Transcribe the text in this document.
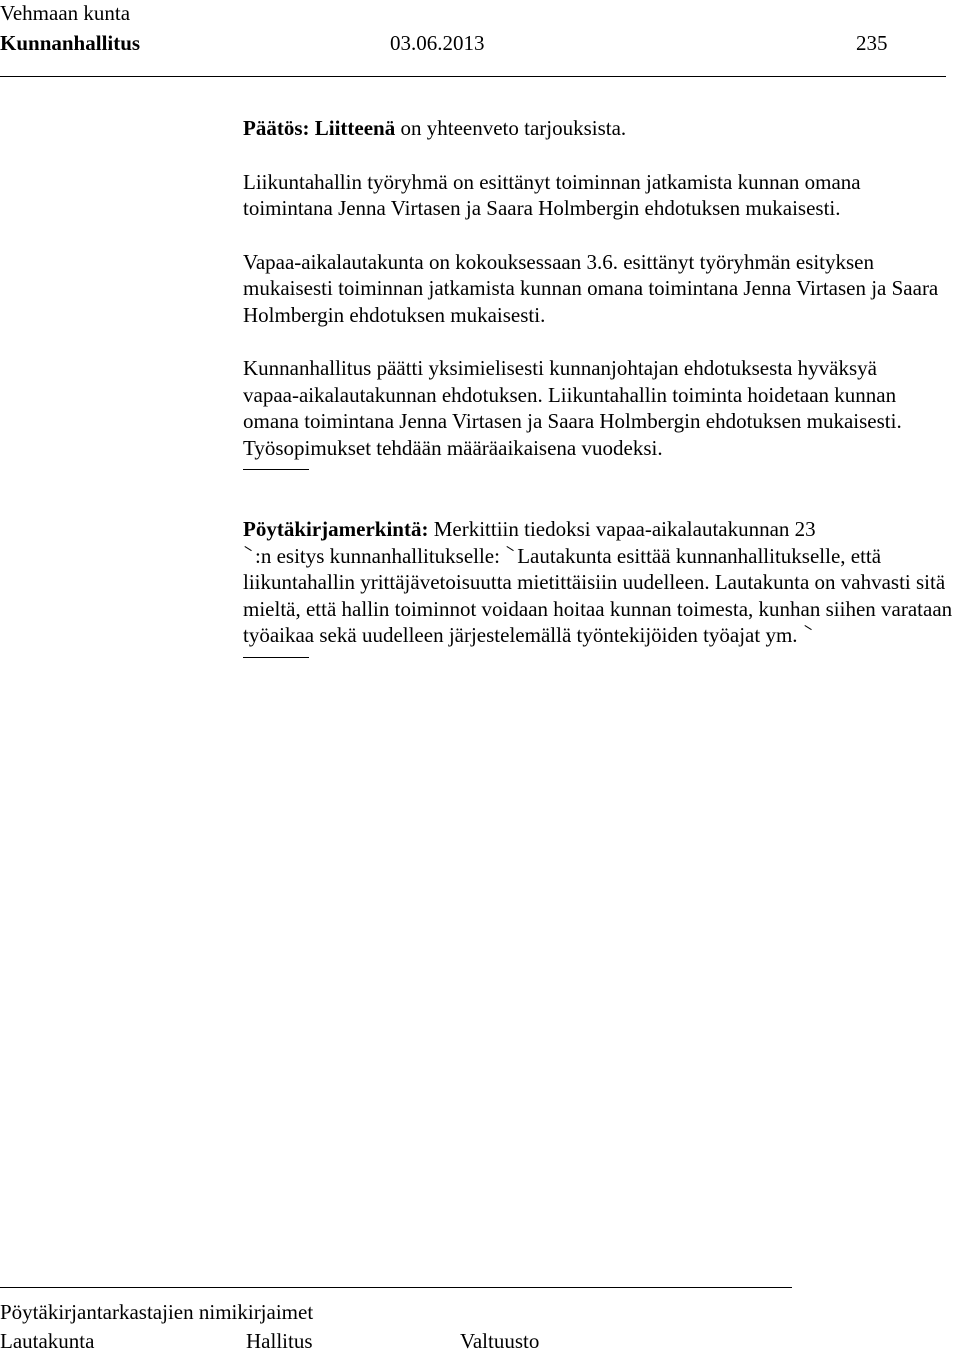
Vehmaan kunta
Kunnanhallitus	03.06.2013	235

Päätös: Liitteenä on yhteenveto tarjouksista.

Liikuntahallin työryhmä on esittänyt toiminnan jatkamista kunnan omana toimintana Jenna Virtasen ja Saara Holmbergin ehdotuksen mukaisesti.

Vapaa-aikalautakunta on kokouksessaan 3.6. esittänyt työryhmän esityksen mukaisesti toiminnan jatkamista kunnan omana toimintana Jenna Virtasen ja Saara Holmbergin ehdotuksen mukaisesti.

Kunnanhallitus päätti yksimielisesti kunnanjohtajan ehdotuksesta hyväksyä vapaa-aikalautakunnan ehdotuksen. Liikuntahallin toiminta hoidetaan kunnan omana toimintana Jenna Virtasen ja Saara Holmbergin ehdotuksen mukaisesti. Työsopimukset tehdään määräaikaisena vuodeksi.

Pöytäkirjamerkintä: Merkittiin tiedoksi vapaa-aikalautakunnan 23
:n esitys kunnanhallitukselle: Lautakunta esittää kunnanhallitukselle, että liikuntahallin yrittäjävetoisuutta mietittäisiin uudelleen. Lautakunta on vahvasti sitä mieltä, että hallin toiminnot voidaan hoitaa kunnan toimesta, kunhan siihen varataan työaikaa sekä uudelleen järjestelemällä työntekijöiden työajat ym.

Pöytäkirjantarkastajien nimikirjaimet
Lautakunta	Hallitus	Valtuusto
